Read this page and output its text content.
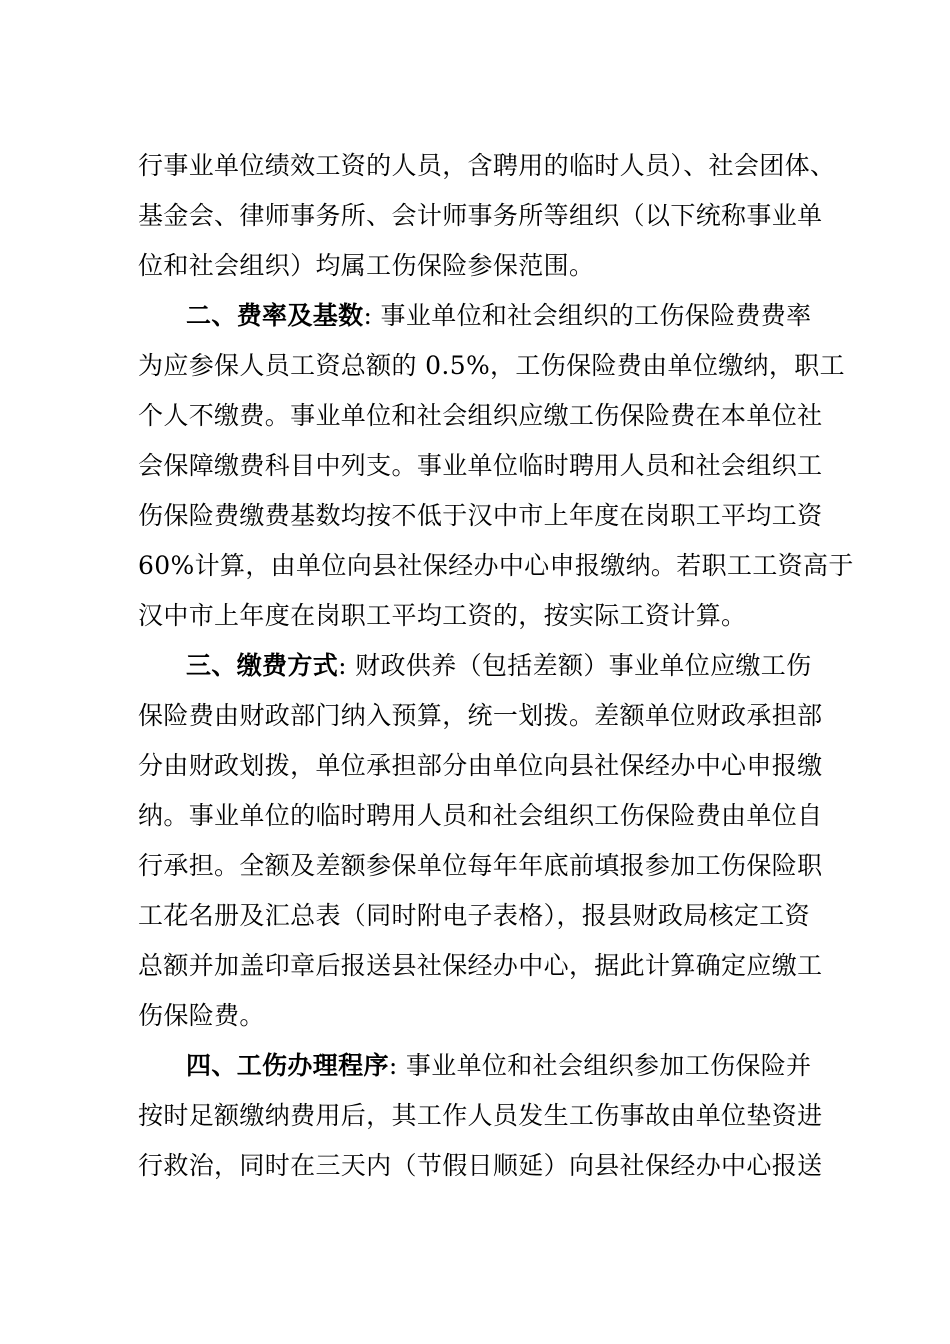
行事业单位绩效工资的人员，含聘用的临时人员）、社会团体、
基金会、律师事务所、会计师事务所等组织（以下统称事业单
位和社会组织）均属工伤保险参保范围。
二、费率及基数: 事业单位和社会组织的工伤保险费费率
为应参保人员工资总额的 0.5%，工伤保险费由单位缴纳，职工
个人不缴费。事业单位和社会组织应缴工伤保险费在本单位社
会保障缴费科目中列支。事业单位临时聘用人员和社会组织工
伤保险费缴费基数均按不低于汉中市上年度在岗职工平均工资
60%计算，由单位向县社保经办中心申报缴纳。若职工工资高于
汉中市上年度在岗职工平均工资的，按实际工资计算。
三、缴费方式: 财政供养（包括差额）事业单位应缴工伤
保险费由财政部门纳入预算，统一划拨。差额单位财政承担部
分由财政划拨，单位承担部分由单位向县社保经办中心申报缴
纳。事业单位的临时聘用人员和社会组织工伤保险费由单位自
行承担。全额及差额参保单位每年年底前填报参加工伤保险职
工花名册及汇总表（同时附电子表格），报县财政局核定工资
总额并加盖印章后报送县社保经办中心，据此计算确定应缴工
伤保险费。
四、工伤办理程序: 事业单位和社会组织参加工伤保险并
按时足额缴纳费用后，其工作人员发生工伤事故由单位垫资进
行救治，同时在三天内（节假日顺延）向县社保经办中心报送
